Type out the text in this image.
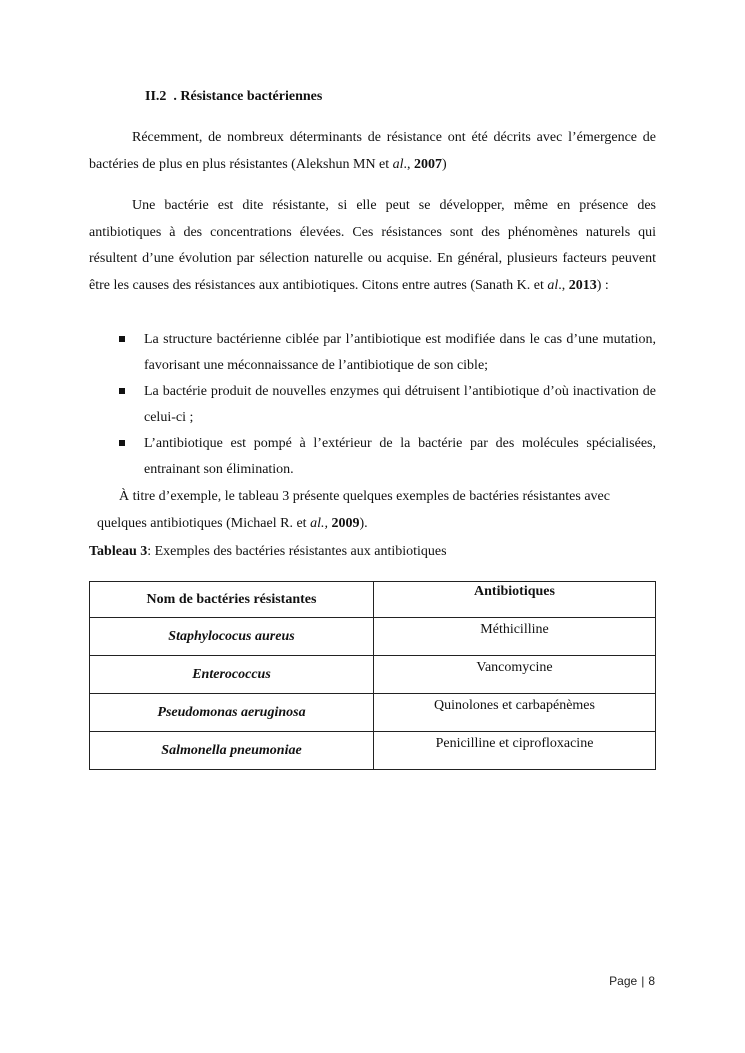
II.2 . Résistance bactériennes

Récemment, de nombreux déterminants de résistance ont été décrits avec l’émergence de bactéries de plus en plus résistantes (Alekshun MN et al., 2007)

Une bactérie est dite résistante, si elle peut se développer, même en présence des antibiotiques à des concentrations élevées. Ces résistances sont des phénomènes naturels qui résultent d’une évolution par sélection naturelle ou acquise. En général, plusieurs facteurs peuvent être les causes des résistances aux antibiotiques. Citons entre autres (Sanath K. et al., 2013) :

La structure bactérienne ciblée par l’antibiotique est modifiée dans le cas d’une mutation, favorisant une méconnaissance de l’antibiotique de son cible;
La bactérie produit de nouvelles enzymes qui détruisent l’antibiotique d’où inactivation de celui-ci ;
L’antibiotique est pompé à l’extérieur de la bactérie par des molécules spécialisées, entrainant son élimination.

À titre d’exemple, le tableau 3 présente quelques exemples de bactéries résistantes avec
quelques antibiotiques (Michael R. et al., 2009).

Tableau 3: Exemples des bactéries résistantes aux antibiotiques
Nom de bactéries résistantes	Antibiotiques
Staphylococus aureus	Méthicilline
Enterococcus	Vancomycine
Pseudomonas aeruginosa	Quinolones et carbapénèmes
Salmonella pneumoniae	Penicilline et ciprofloxacine
Page | 8
